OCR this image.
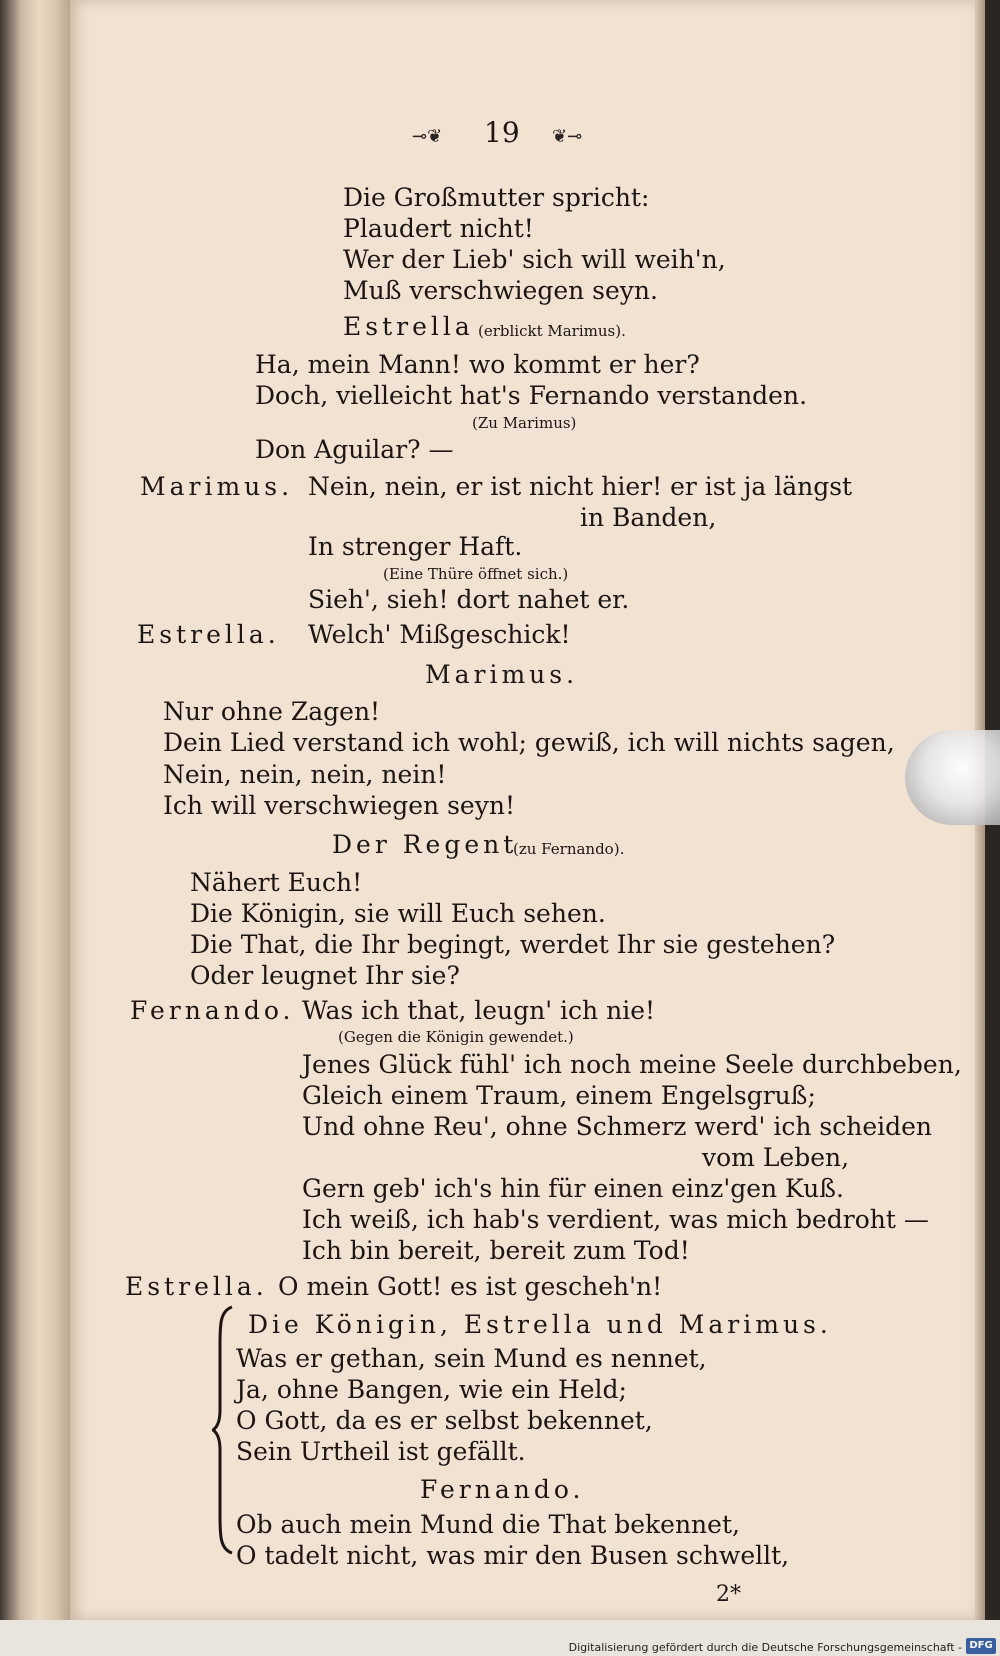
⊸❦ 19 ❦⊸
Die Großmutter spricht:
Plaudert nicht!
Wer der Lieb' sich will weih'n,
Muß verschwiegen seyn.
Estrella (erblickt Marimus).
Ha, mein Mann! wo kommt er her?
Doch, vielleicht hat's Fernando verstanden.
(Zu Marimus)
Don Aguilar? —
Marimus. Nein, nein, er ist nicht hier! er ist ja längst
in Banden,
In strenger Haft.
(Eine Thüre öffnet sich.)
Sieh', sieh! dort nahet er.
Estrella. Welch' Mißgeschick!
Marimus.
Nur ohne Zagen!
Dein Lied verstand ich wohl; gewiß, ich will nichts sagen,
Nein, nein, nein, nein!
Ich will verschwiegen seyn!
Der Regent
(zu Fernando).
Nähert Euch!
Die Königin, sie will Euch sehen.
Die That, die Ihr begingt, werdet Ihr sie gestehen?
Oder leugnet Ihr sie?
Fernando. Was ich that, leugn' ich nie!
(Gegen die Königin gewendet.)
Jenes Glück fühl' ich noch meine Seele durchbeben,
Gleich einem Traum, einem Engelsgruß;
Und ohne Reu', ohne Schmerz werd' ich scheiden
vom Leben,
Gern geb' ich's hin für einen einz'gen Kuß.
Ich weiß, ich hab's verdient, was mich bedroht —
Ich bin bereit, bereit zum Tod!
Estrella. O mein Gott! es ist gescheh'n!
Die Königin, Estrella und Marimus.
Was er gethan, sein Mund es nennet,
Ja, ohne Bangen, wie ein Held;
O Gott, da es er selbst bekennet,
Sein Urtheil ist gefällt.
Fernando.
Ob auch mein Mund die That bekennet,
O tadelt nicht, was mir den Busen schwellt,
2*
Digitalisierung gefördert durch die Deutsche Forschungsgemeinschaft - DFG
